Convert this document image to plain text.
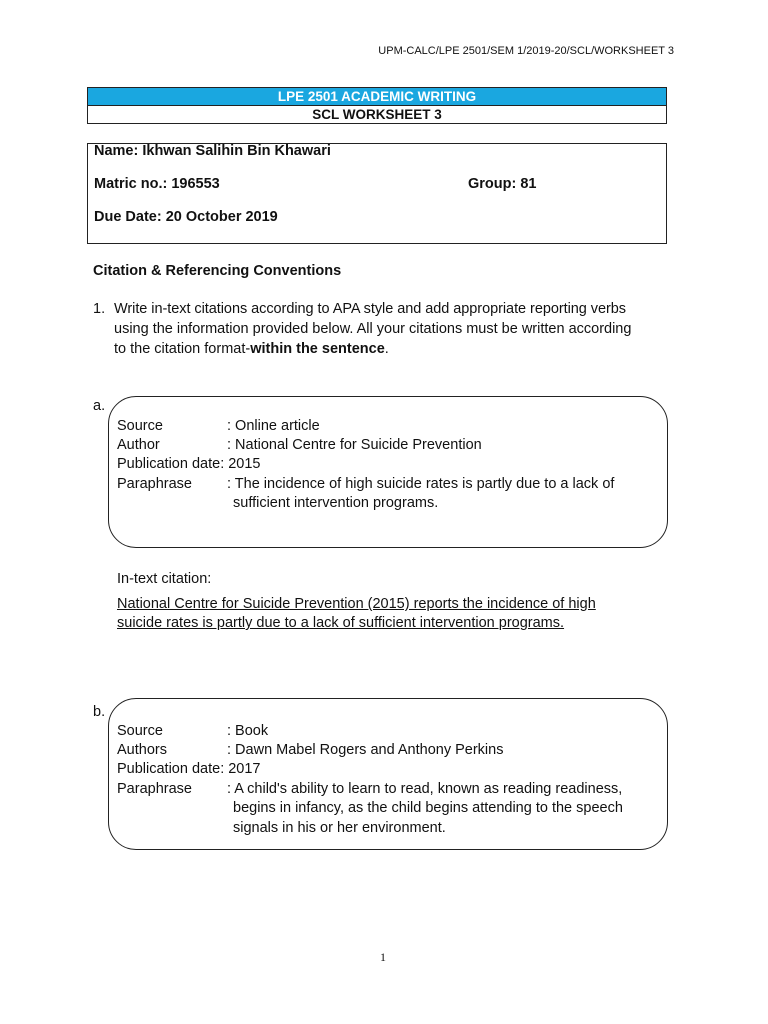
UPM-CALC/LPE 2501/SEM 1/2019-20/SCL/WORKSHEET 3
LPE 2501 ACADEMIC WRITING
SCL WORKSHEET 3
Name: Ikhwan Salihin Bin Khawari
Matric no.: 196553	Group: 81
Due Date: 20 October 2019
Citation & Referencing Conventions
1. Write in-text citations according to APA style and add appropriate reporting verbs
using the information provided below. All your citations must be written according
to the citation format-within the sentence.
a.
Source	: Online article
Author	: National Centre for Suicide Prevention
Publication date: 2015
Paraphrase : The incidence of high suicide rates is partly due to a lack of
sufficient intervention programs.
In-text citation:
National Centre for Suicide Prevention (2015) reports the incidence of high
suicide rates is partly due to a lack of sufficient intervention programs.
b.
Source	: Book
Authors	: Dawn Mabel Rogers and Anthony Perkins
Publication date: 2017
Paraphrase : A child's ability to learn to read, known as reading readiness,
begins in infancy, as the child begins attending to the speech
signals in his or her environment.
1
